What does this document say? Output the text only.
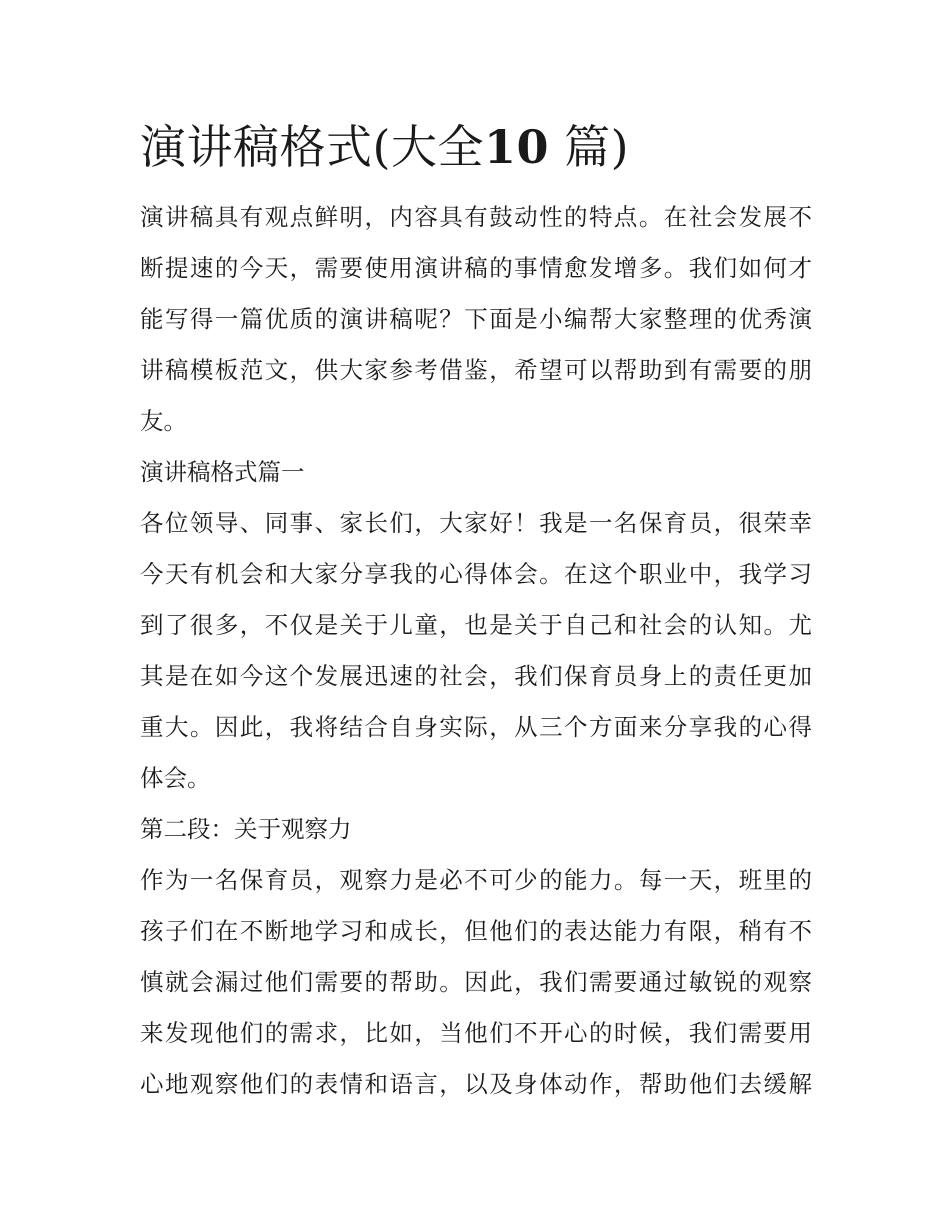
演讲稿格式(大全10 篇)

演讲稿具有观点鲜明，内容具有鼓动性的特点。在社会发展不

断提速的今天，需要使用演讲稿的事情愈发增多。我们如何才

能写得一篇优质的演讲稿呢？下面是小编帮大家整理的优秀演

讲稿模板范文，供大家参考借鉴，希望可以帮助到有需要的朋

友。

演讲稿格式篇一

各位领导、同事、家长们，大家好！我是一名保育员，很荣幸

今天有机会和大家分享我的心得体会。在这个职业中，我学习

到了很多，不仅是关于儿童，也是关于自己和社会的认知。尤

其是在如今这个发展迅速的社会，我们保育员身上的责任更加

重大。因此，我将结合自身实际，从三个方面来分享我的心得

体会。

第二段：关于观察力

作为一名保育员，观察力是必不可少的能力。每一天，班里的

孩子们在不断地学习和成长，但他们的表达能力有限，稍有不

慎就会漏过他们需要的帮助。因此，我们需要通过敏锐的观察

来发现他们的需求，比如，当他们不开心的时候，我们需要用

心地观察他们的表情和语言，以及身体动作，帮助他们去缓解
